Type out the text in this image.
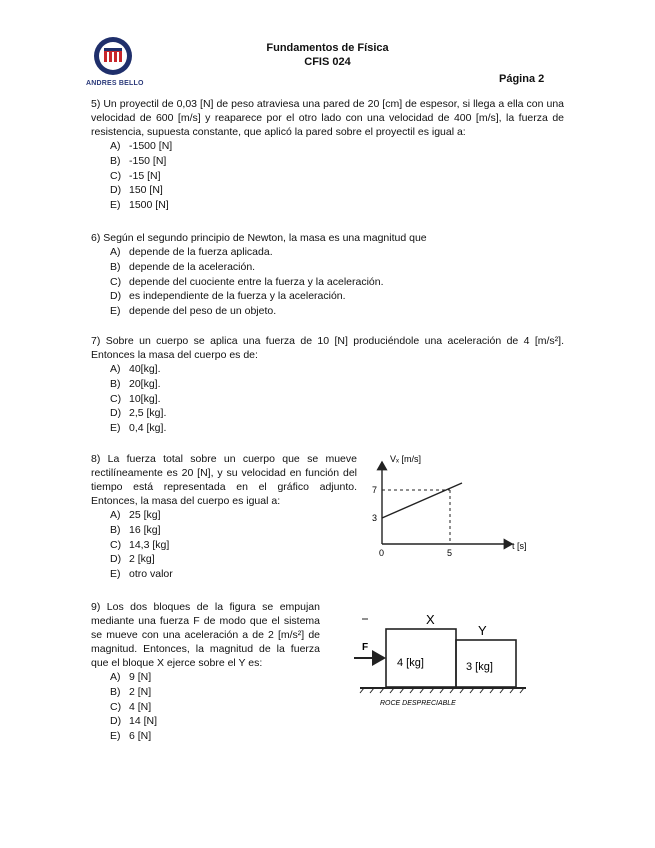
ANDRES BELLO
Fundamentos de Física
CFIS 024
Página 2

5) Un proyectil de 0,03 [N] de peso atraviesa una pared de 20 [cm] de espesor, si llega a ella con una velocidad de 600 [m/s] y reaparece por el otro lado con una velocidad de 400 [m/s], la fuerza de resistencia, supuesta constante, que aplicó la pared sobre el proyectil es igual a:

A) -1500 [N]
B) -150 [N]
C) -15 [N]
D) 150 [N]
E) 1500 [N]

6) Según el segundo principio de Newton, la masa es una magnitud que

A) depende de la fuerza aplicada.
B) depende de la aceleración.
C) depende del cuociente entre la fuerza y la aceleración.
D) es independiente de la fuerza y la aceleración.
E) depende del peso de un objeto.

7) Sobre un cuerpo se aplica una fuerza de 10 [N] produciéndole una aceleración de 4 [m/s²]. Entonces la masa del cuerpo es de:

A) 40[kg].
B) 20[kg].
C) 10[kg].
D) 2,5 [kg].
E) 0,4 [kg].

8) La fuerza total sobre un cuerpo que se mueve rectilíneamente es 20 [N], y su velocidad en función del tiempo está representada en el gráfico adjunto. Entonces, la masa del cuerpo es igual a:

A) 25 [kg]
B) 16 [kg]
C) 14,3 [kg]
D) 2 [kg]
E) otro valor
Vₓ [m/s]
t [s]
7
3
0	5

9) Los dos bloques de la figura se empujan mediante una fuerza F de modo que el sistema se mueve con una aceleración a de 2 [m/s²] de magnitud. Entonces, la magnitud de la fuerza que el bloque X ejerce sobre el Y es:

A) 9 [N]
B) 2 [N]
C) 4 [N]
D) 14 [N]
E) 6 [N]
X
Y
4 [kg]	3 [kg]
F
ROCE DESPRECIABLE
